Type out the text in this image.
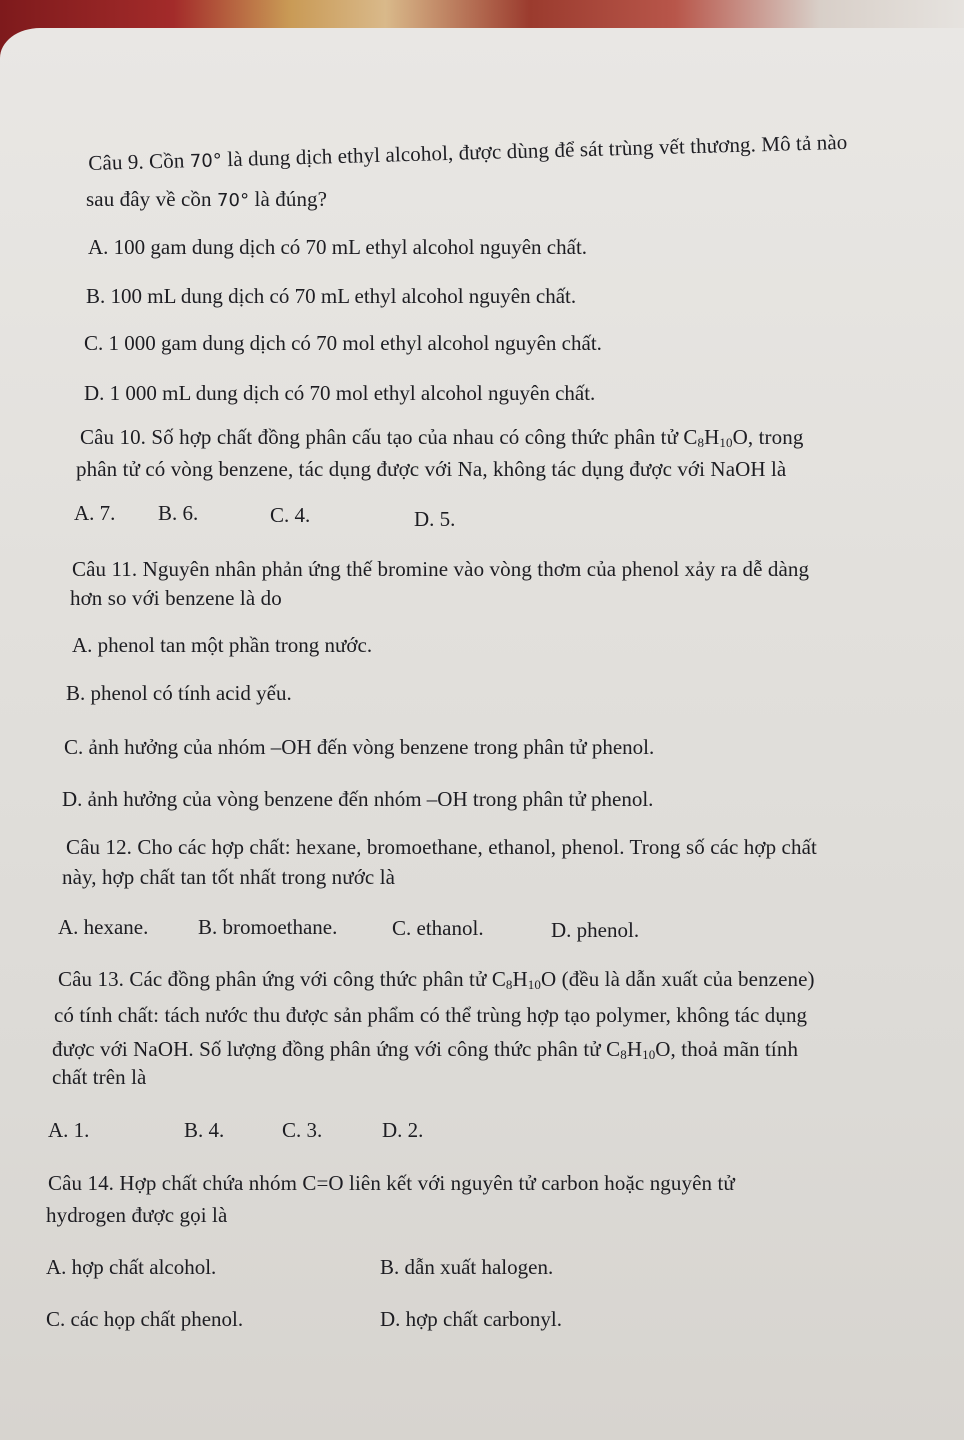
Câu 9. Cồn 70° là dung dịch ethyl alcohol, được dùng để sát trùng vết thương. Mô tả nào
sau đây về cồn 70° là đúng?
A. 100 gam dung dịch có 70 mL ethyl alcohol nguyên chất.
B. 100 mL dung dịch có 70 mL ethyl alcohol nguyên chất.
C. 1 000 gam dung dịch có 70 mol ethyl alcohol nguyên chất.
D. 1 000 mL dung dịch có 70 mol ethyl alcohol nguyên chất.
Câu 10. Số hợp chất đồng phân cấu tạo của nhau có công thức phân tử $C_8H_{10}O$, trong
phân tử có vòng benzene, tác dụng được với Na, không tác dụng được với NaOH là
A. 7. B. 6.	C. 4.	D. 5.
Câu 11. Nguyên nhân phản ứng thế bromine vào vòng thơm của phenol xảy ra dễ dàng
hơn so với benzene là do
A. phenol tan một phần trong nước.
B. phenol có tính acid yếu.
C. ảnh hưởng của nhóm –OH đến vòng benzene trong phân tử phenol.
D. ảnh hưởng của vòng benzene đến nhóm –OH trong phân tử phenol.
Câu 12. Cho các hợp chất: hexane, bromoethane, ethanol, phenol. Trong số các hợp chất
này, hợp chất tan tốt nhất trong nước là
A. hexane. B. bromoethane.	C. ethanol.	D. phenol.
Câu 13. Các đồng phân ứng với công thức phân tử $C_8H_{10}O$ (đều là dẫn xuất của benzene)
có tính chất: tách nước thu được sản phẩm có thể trùng hợp tạo polymer, không tác dụng
được với NaOH. Số lượng đồng phân ứng với công thức phân tử $C_8H_{10}O$, thoả mãn tính
chất trên là
A. 1.	B. 4.	C. 3.	D. 2.
Câu 14. Hợp chất chứa nhóm C=O liên kết với nguyên tử carbon hoặc nguyên tử
hydrogen được gọi là
A. hợp chất alcohol.	B. dẫn xuất halogen.
C. các họp chất phenol.	D. hợp chất carbonyl.
